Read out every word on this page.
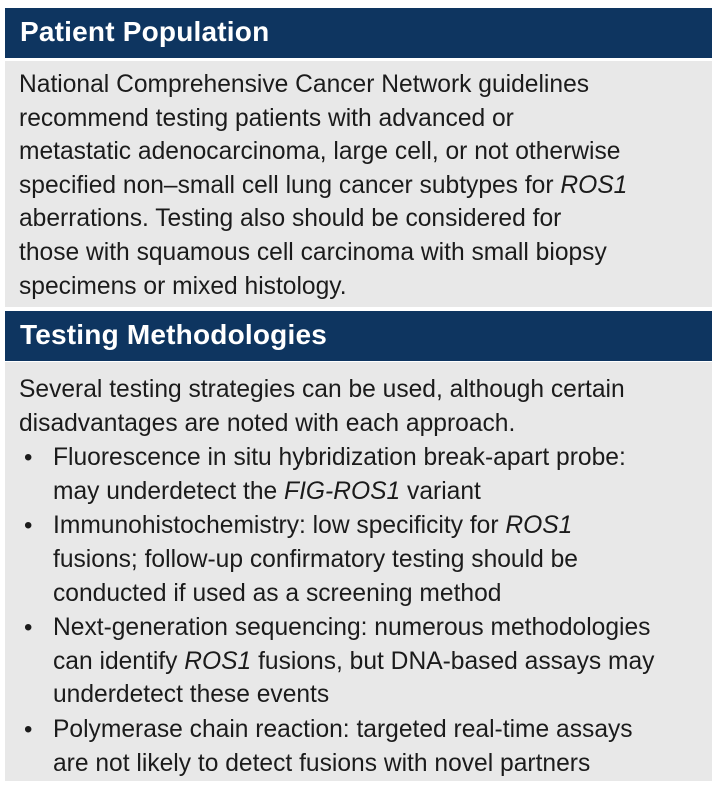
Patient Population
National Comprehensive Cancer Network guidelines
recommend testing patients with advanced or
metastatic adenocarcinoma, large cell, or not otherwise
specified non–small cell lung cancer subtypes for ROS1
aberrations. Testing also should be considered for
those with squamous cell carcinoma with small biopsy
specimens or mixed histology.
Testing Methodologies
Several testing strategies can be used, although certain
disadvantages are noted with each approach.
• Fluorescence in situ hybridization break-apart probe:
may underdetect the FIG-ROS1 variant
• Immunohistochemistry: low specificity for ROS1
fusions; follow-up confirmatory testing should be
conducted if used as a screening method
• Next-generation sequencing: numerous methodologies
can identify ROS1 fusions, but DNA-based assays may
underdetect these events
• Polymerase chain reaction: targeted real-time assays
are not likely to detect fusions with novel partners
